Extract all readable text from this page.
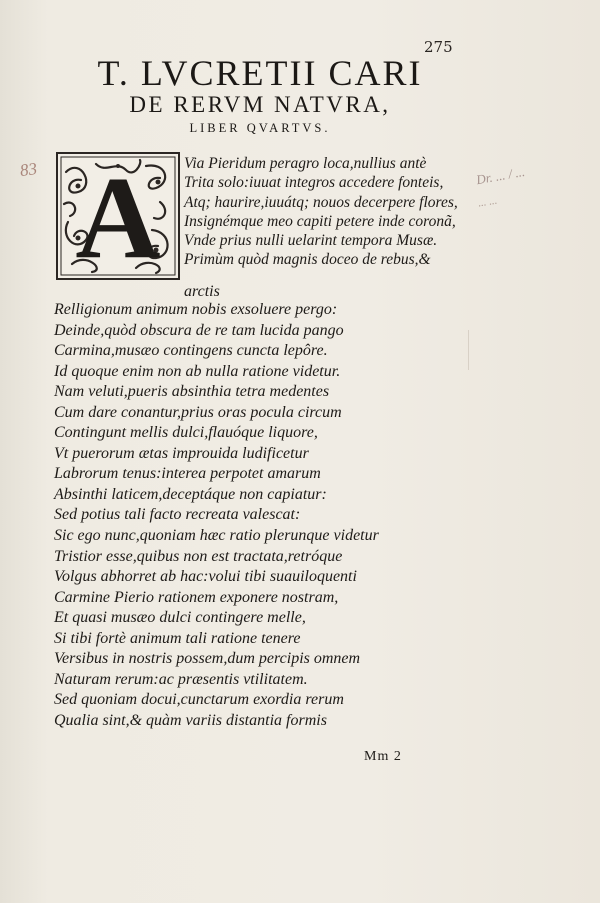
275
T. LVCRETII CARI
DE RERVM NATVRA,
LIBER QVARTVS.
83	Dr. ... / ...
... ...
A	Via Pieridum peragro loca,nullius antè
Trita solo:iuuat integros accedere fonteis,
Atq; haurire,iuuátq; nouos decerpere flores,
Insignémque meo capiti petere inde coronã,
Vnde prius nulli uelarint tempora Musæ.
Primùm quòd magnis doceo de rebus,&
arctis
Relligionum animum nobis exsoluere pergo:
Deinde,quòd obscura de re tam lucida pango
Carmina,musæo contingens cuncta lepôre.
Id quoque enim non ab nulla ratione videtur.
Nam veluti,pueris absinthia tetra medentes
Cum dare conantur,prius oras pocula circum
Contingunt mellis dulci,flauóque liquore,
Vt puerorum ætas improuida ludificetur
Labrorum tenus:interea perpotet amarum
Absinthi laticem,deceptáque non capiatur:
Sed potius tali facto recreata valescat:
Sic ego nunc,quoniam hæc ratio plerunque videtur
Tristior esse,quibus non est tractata,retróque
Volgus abhorret ab hac:volui tibi suauiloquenti
Carmine Pierio rationem exponere nostram,
Et quasi musæo dulci contingere melle,
Si tibi fortè animum tali ratione tenere
Versibus in nostris possem,dum percipis omnem
Naturam rerum:ac præsentis vtilitatem.
Sed quoniam docui,cunctarum exordia rerum
Qualia sint,& quàm variis distantia formis
Mm 2
